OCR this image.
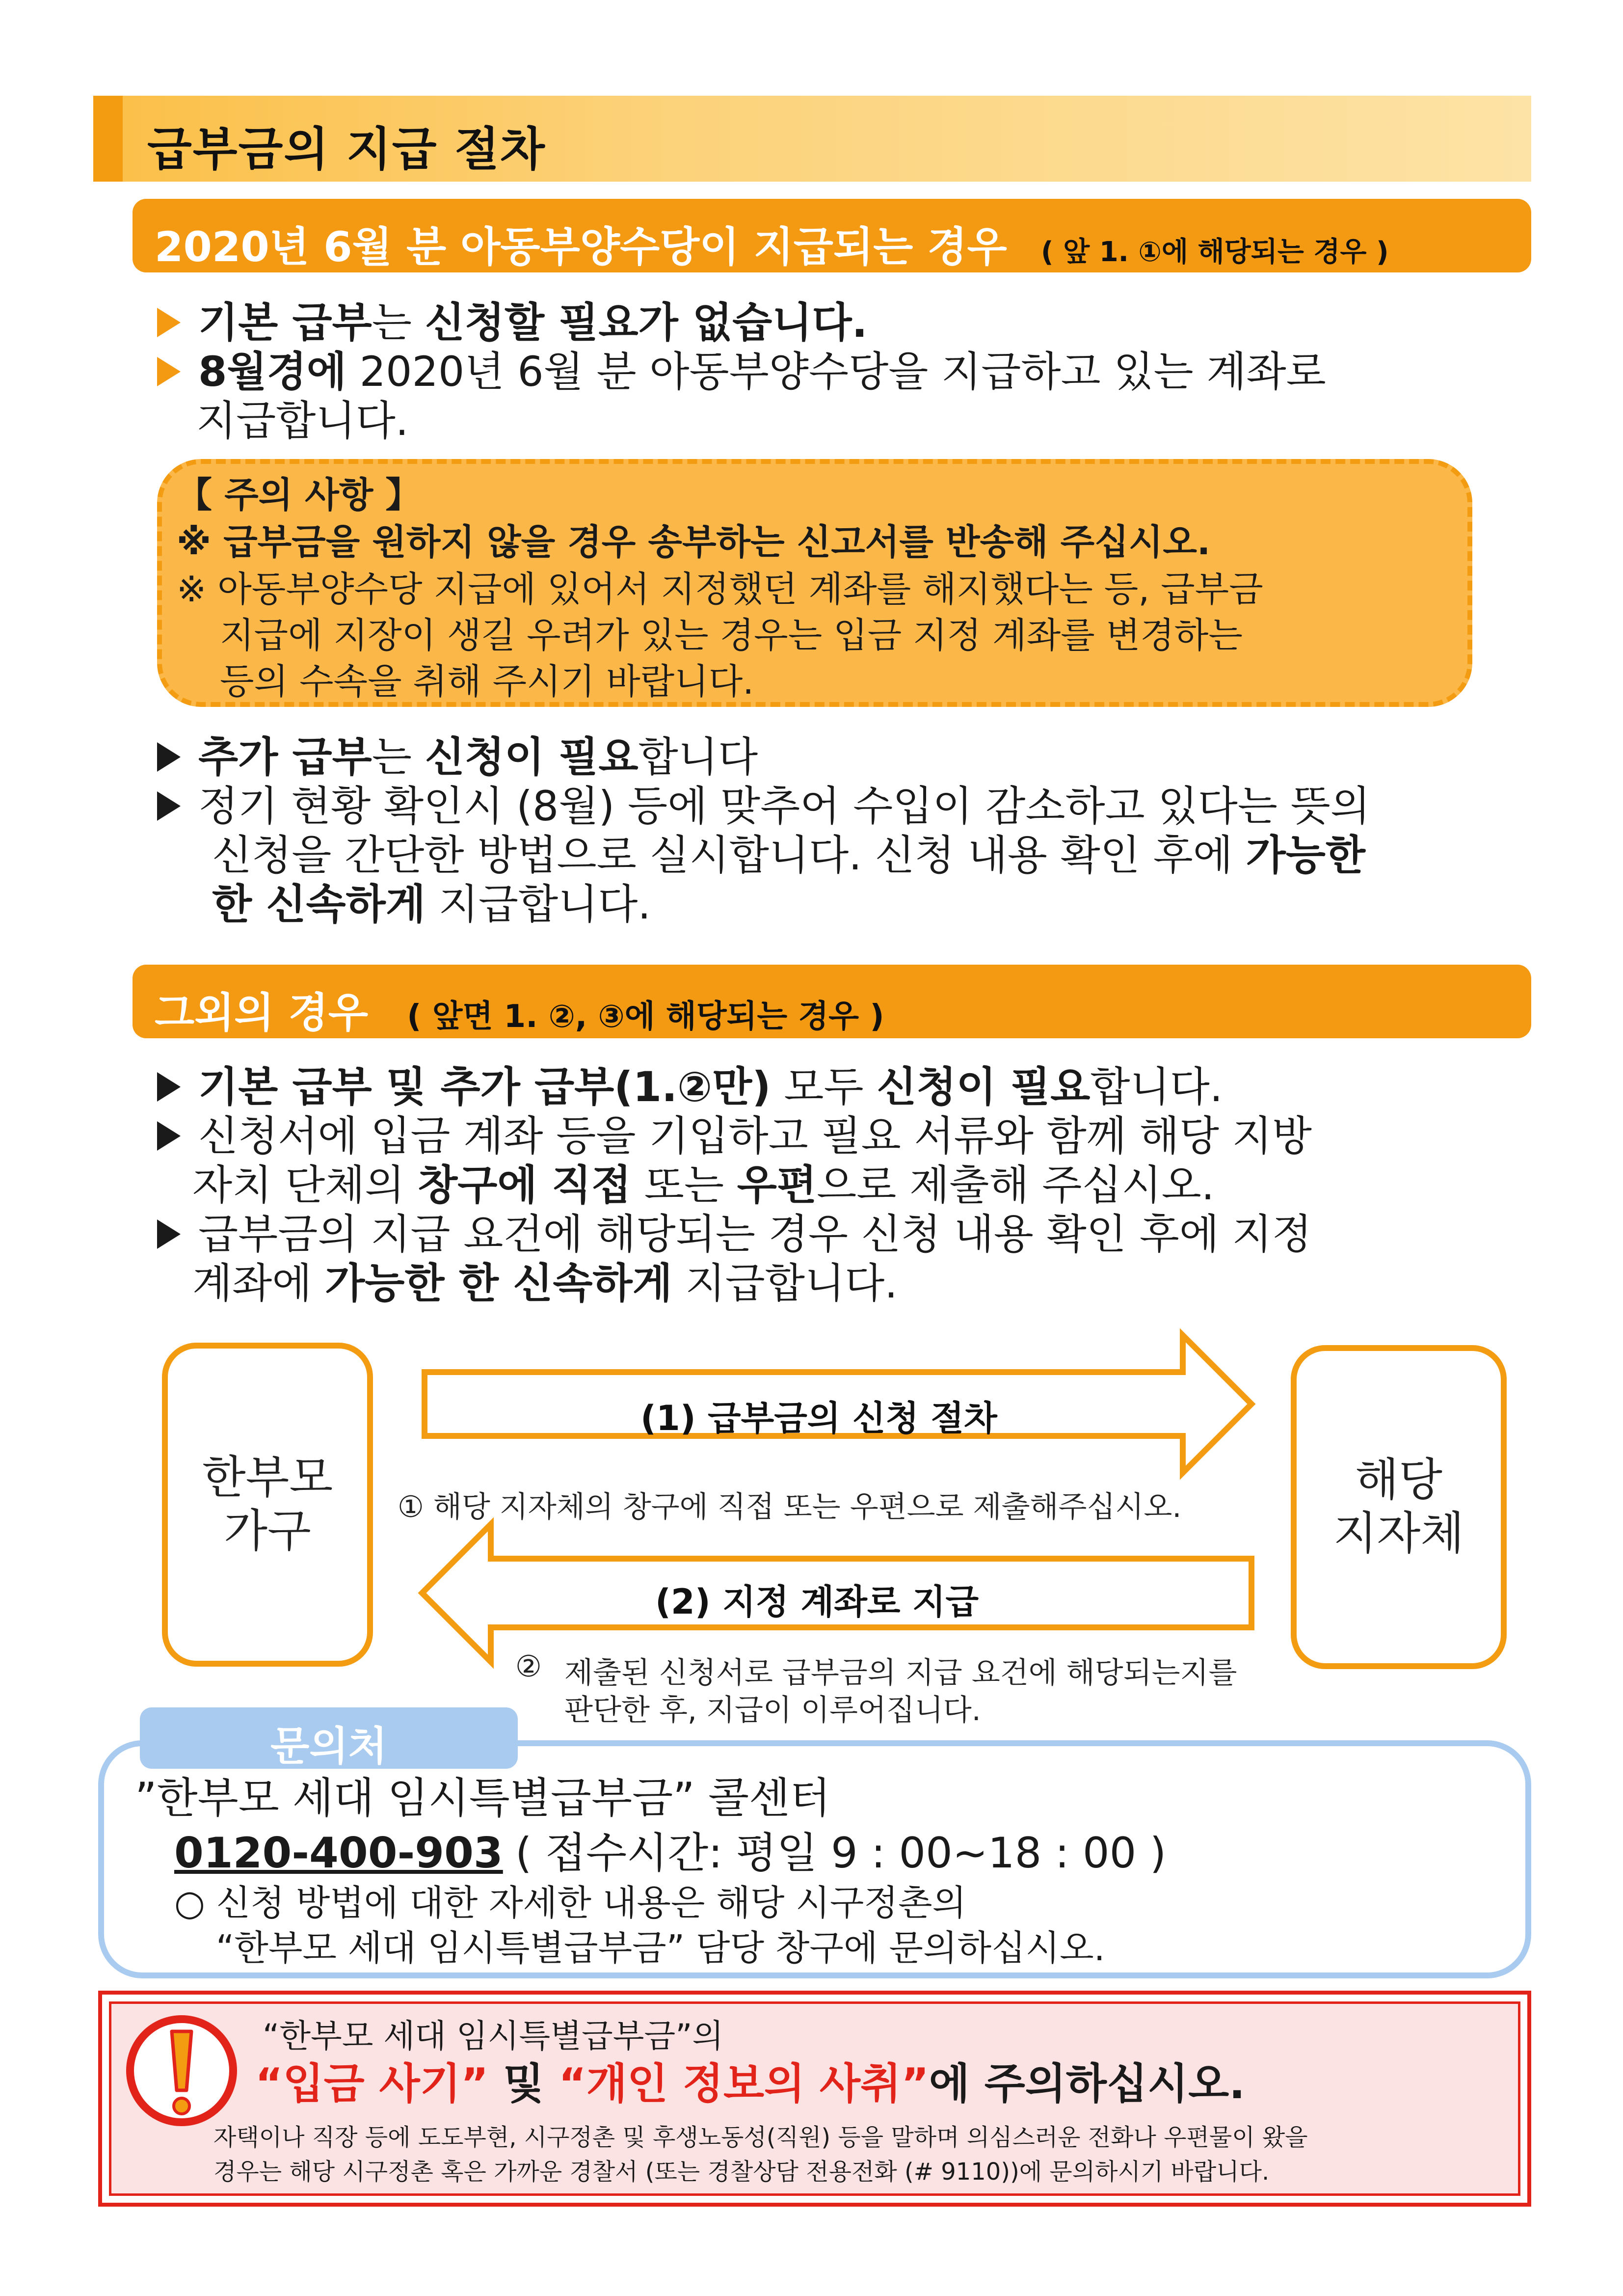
급부금의 지급 절차
2020년 6월 분 아동부양수당이 지급되는 경우 ( 앞 1. ①에 해당되는 경우 )
기본 급부는 신청할 필요가 없습니다.
8월경에 2020년 6월 분 아동부양수당을 지급하고 있는 계좌로
지급합니다.
【 주의 사항 】
※ 급부금을 원하지 않을 경우 송부하는 신고서를 반송해 주십시오.
※ 아동부양수당 지급에 있어서 지정했던 계좌를 해지했다는 등, 급부금
지급에 지장이 생길 우려가 있는 경우는 입금 지정 계좌를 변경하는
등의 수속을 취해 주시기 바랍니다.
추가 급부는 신청이 필요합니다
정기 현황 확인시 (8월) 등에 맞추어 수입이 감소하고 있다는 뜻의
신청을 간단한 방법으로 실시합니다. 신청 내용 확인 후에 가능한
한 신속하게 지급합니다.
그외의 경우 ( 앞면 1. ②, ③에 해당되는 경우 )
기본 급부 및 추가 급부(1.②만) 모두 신청이 필요합니다.
신청서에 입금 계좌 등을 기입하고 필요 서류와 함께 해당 지방
자치 단체의 창구에 직접 또는 우편으로 제출해 주십시오.
급부금의 지급 요건에 해당되는 경우 신청 내용 확인 후에 지정
계좌에 가능한 한 신속하게 지급합니다.
한부모
가구
해당
지자체
(1) 급부금의 신청 절차
① 해당 지자체의 창구에 직접 또는 우편으로 제출해주십시오.
(2) 지정 계좌로 지급
② 제출된 신청서로 급부금의 지급 요건에 해당되는지를
판단한 후, 지급이 이루어집니다.
문의처
”한부모 세대 임시특별급부금” 콜센터
0120-400-903 ( 접수시간: 평일 9 : 00~18 : 00 )
○ 신청 방법에 대한 자세한 내용은 해당 시구정촌의
“한부모 세대 임시특별급부금” 담당 창구에 문의하십시오.
“한부모 세대 임시특별급부금”의
“입금 사기” 및 “개인 정보의 사취”에 주의하십시오.
자택이나 직장 등에 도도부현, 시구정촌 및 후생노동성(직원) 등을 말하며 의심스러운 전화나 우편물이 왔을
경우는 해당 시구정촌 혹은 가까운 경찰서 (또는 경찰상담 전용전화 (# 9110))에 문의하시기 바랍니다.
